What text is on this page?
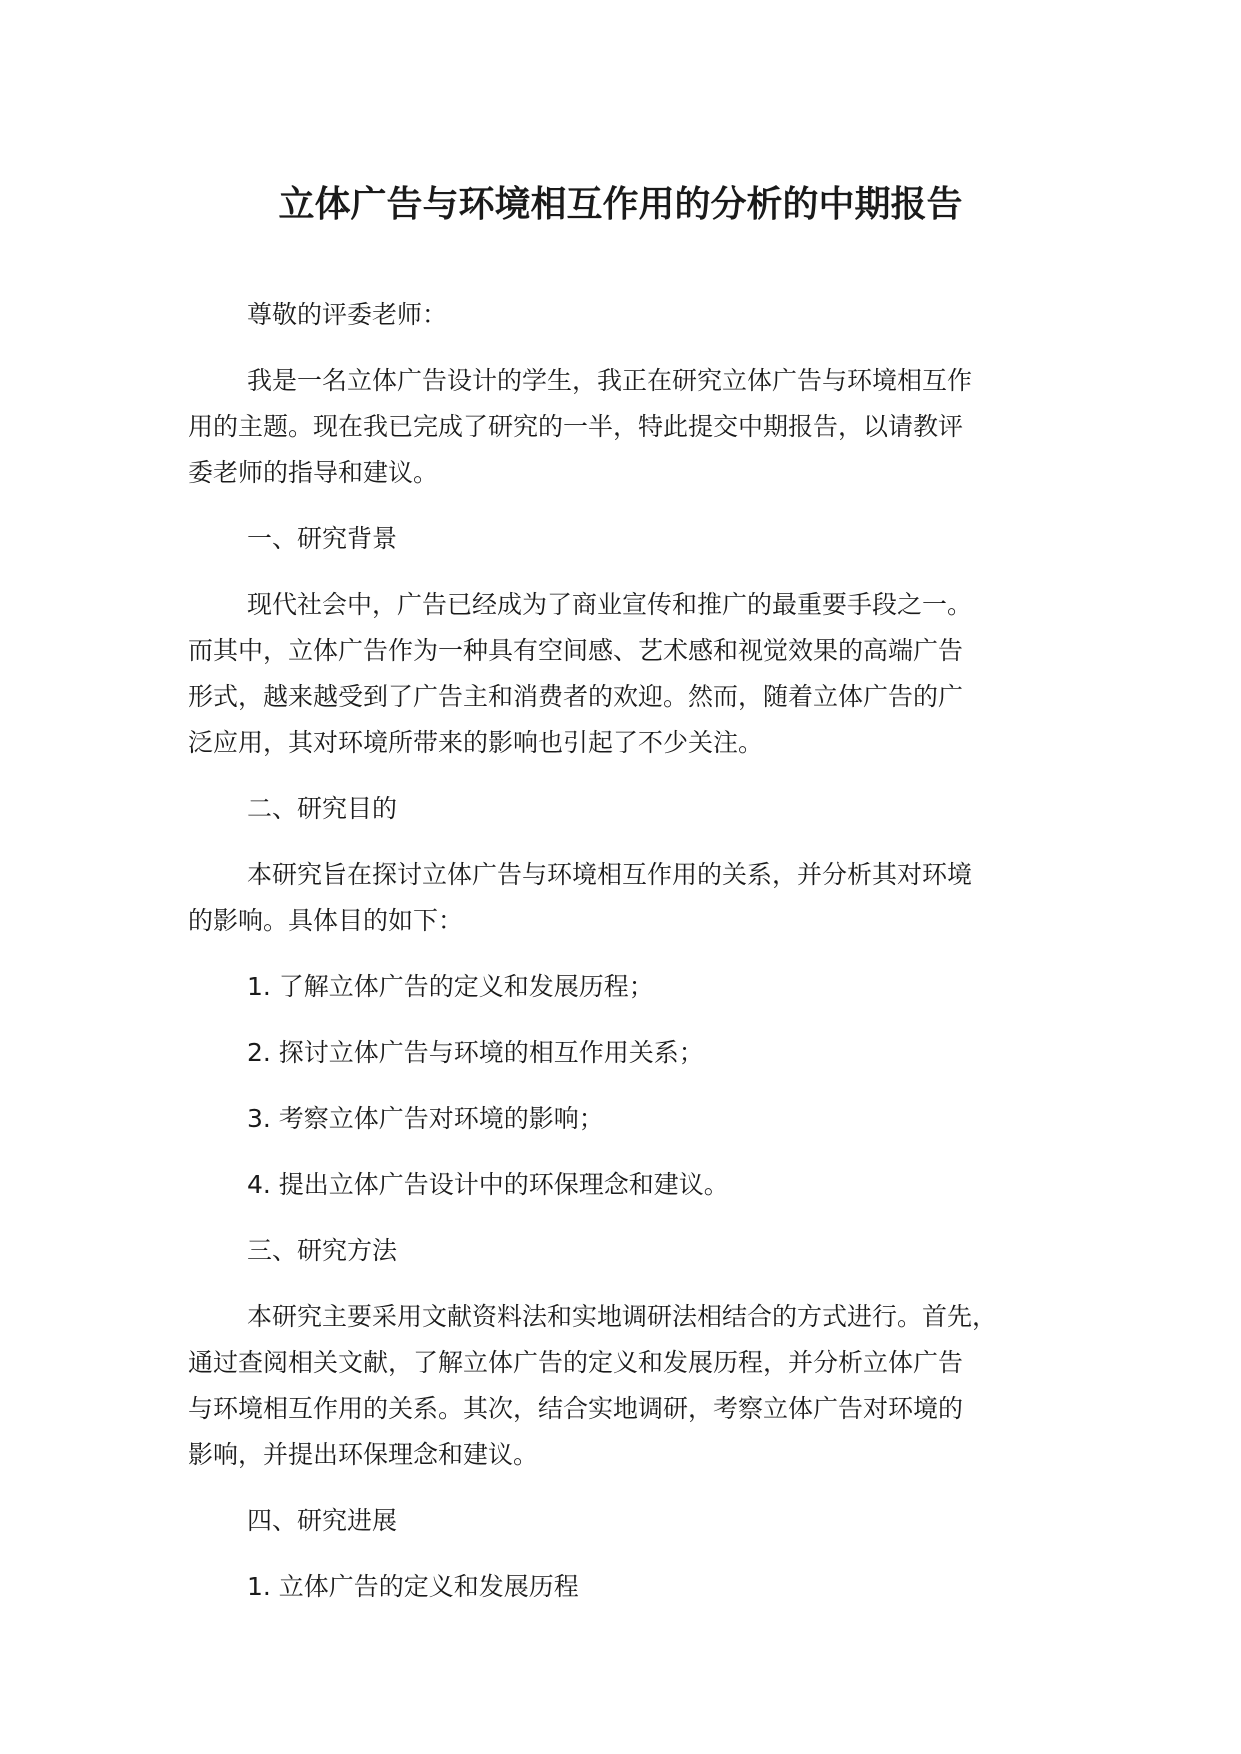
立体广告与环境相互作用的分析的中期报告
尊敬的评委老师：
我是一名立体广告设计的学生，我正在研究立体广告与环境相互作
用的主题。现在我已完成了研究的一半，特此提交中期报告，以请教评
委老师的指导和建议。
一、研究背景
现代社会中，广告已经成为了商业宣传和推广的最重要手段之一。
而其中，立体广告作为一种具有空间感、艺术感和视觉效果的高端广告
形式，越来越受到了广告主和消费者的欢迎。然而，随着立体广告的广
泛应用，其对环境所带来的影响也引起了不少关注。
二、研究目的
本研究旨在探讨立体广告与环境相互作用的关系，并分析其对环境
的影响。具体目的如下：
1. 了解立体广告的定义和发展历程；
2. 探讨立体广告与环境的相互作用关系；
3. 考察立体广告对环境的影响；
4. 提出立体广告设计中的环保理念和建议。
三、研究方法
本研究主要采用文献资料法和实地调研法相结合的方式进行。首先，
通过查阅相关文献，了解立体广告的定义和发展历程，并分析立体广告
与环境相互作用的关系。其次，结合实地调研，考察立体广告对环境的
影响，并提出环保理念和建议。
四、研究进展
1. 立体广告的定义和发展历程
